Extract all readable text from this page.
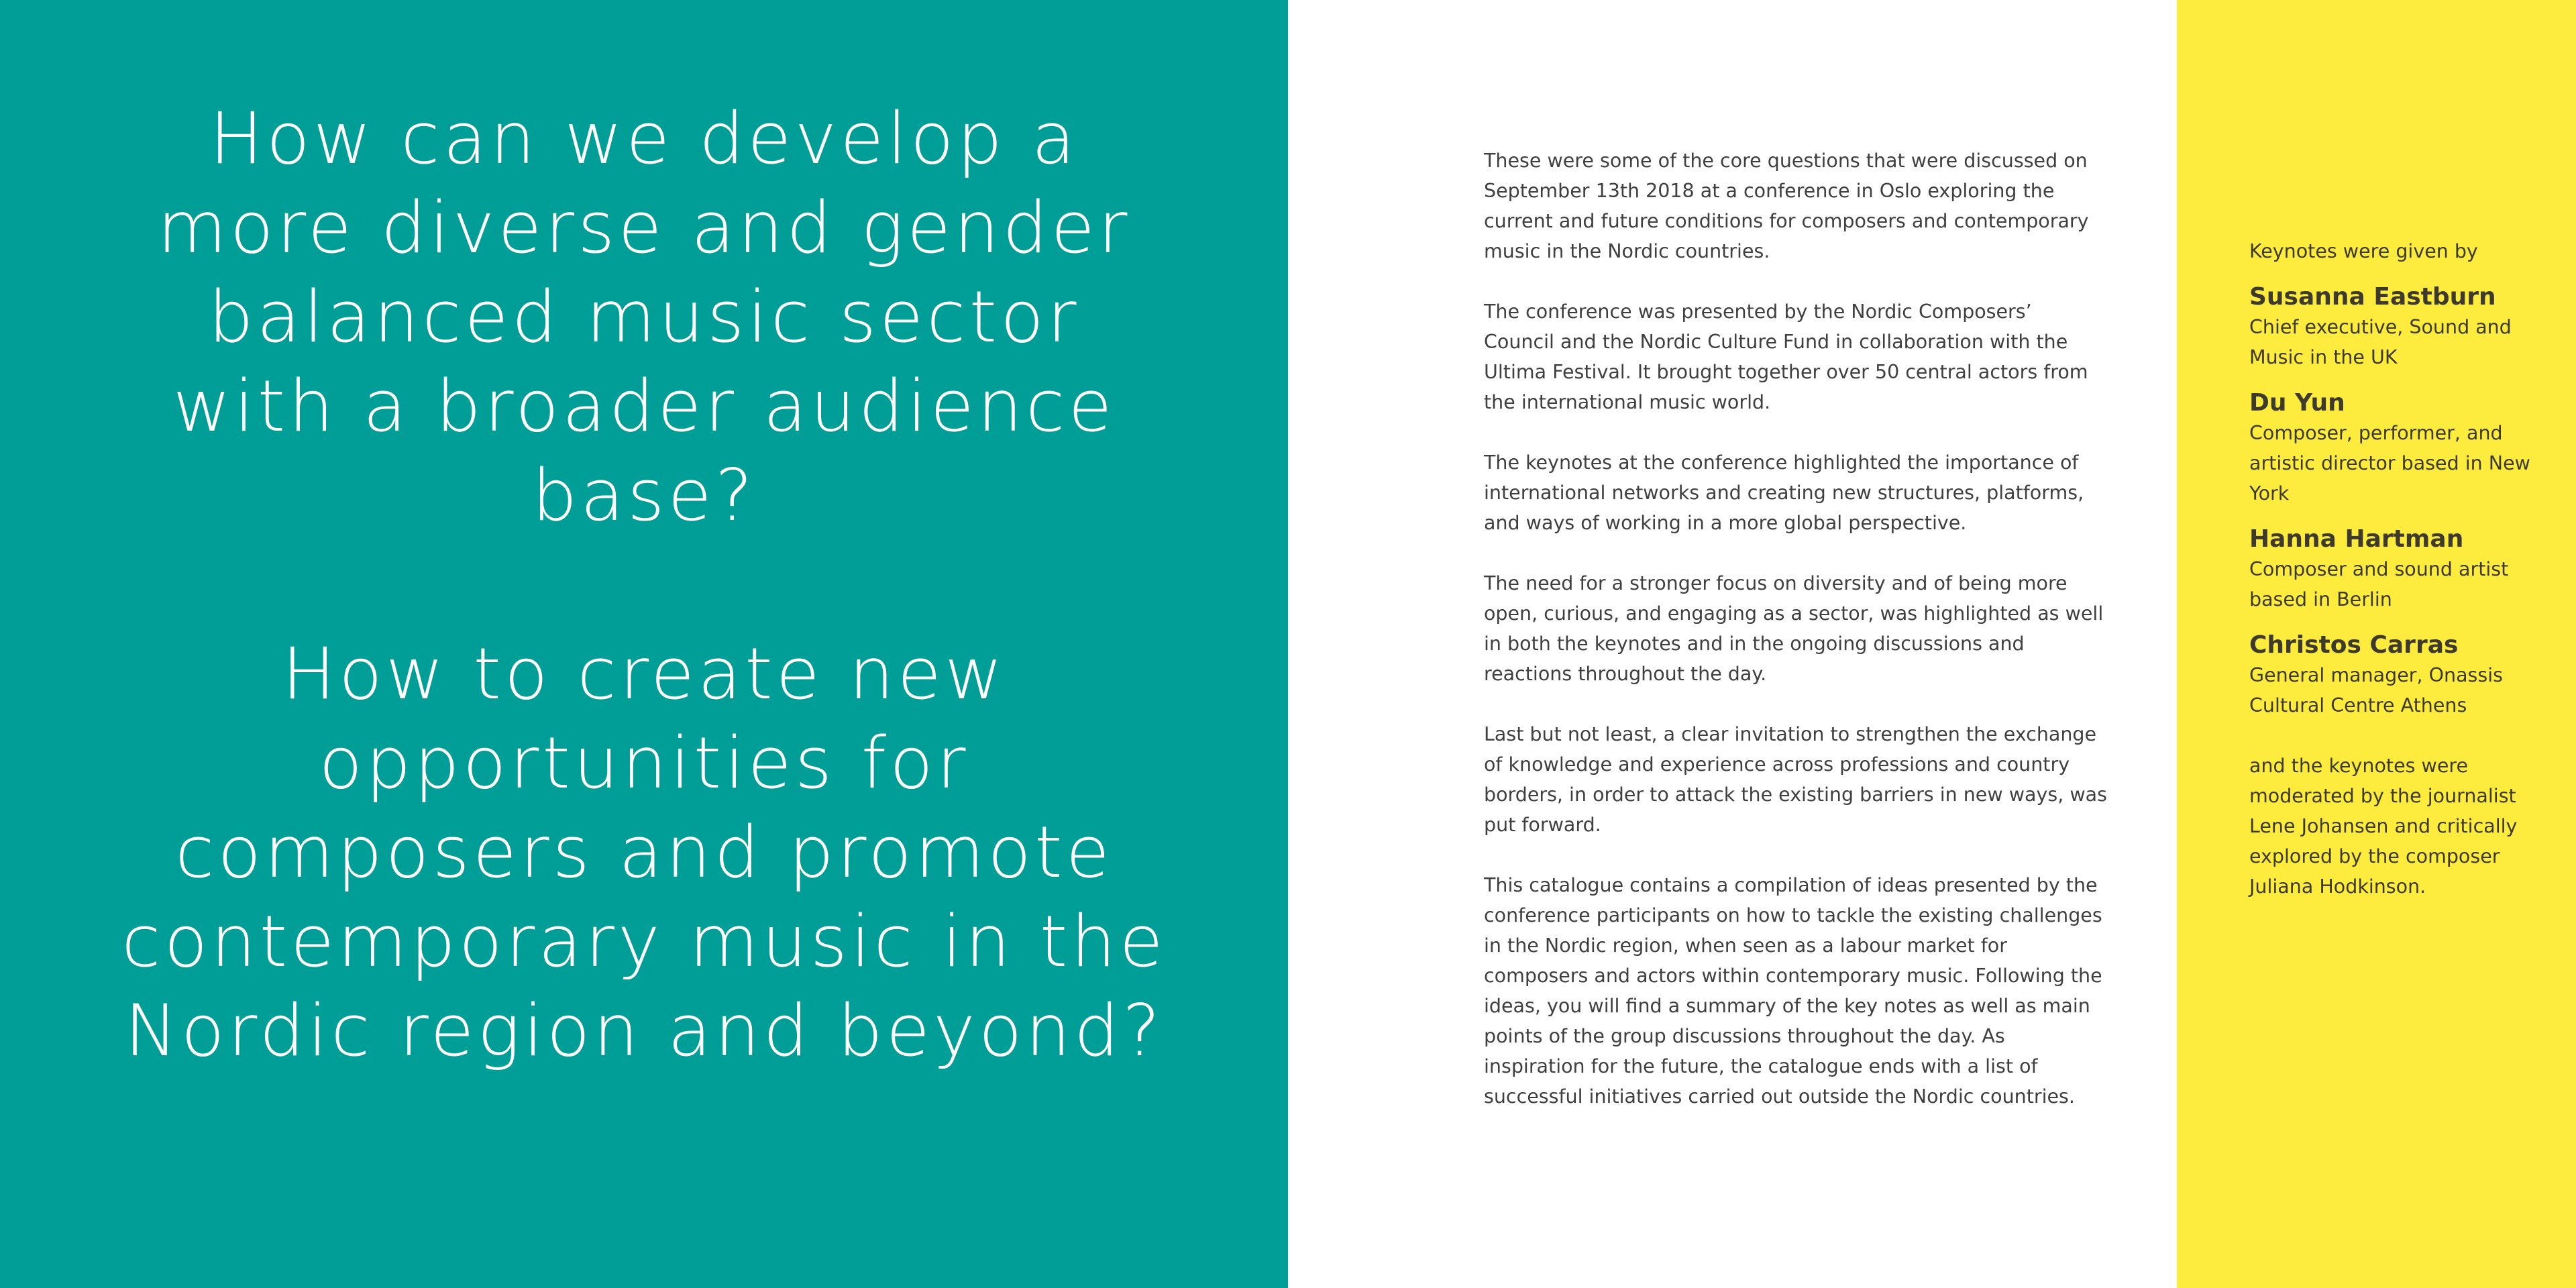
How can we develop a more diverse and gender balanced music sector with a broader audience base?

How to create new opportunities for composers and promote contemporary music in the Nordic region and beyond?

These were some of the core questions that were discussed on September 13th 2018 at a conference in Oslo exploring the current and future conditions for composers and contemporary music in the Nordic countries.

The conference was presented by the Nordic Composers’ Council and the Nordic Culture Fund in collaboration with the Ultima Festival. It brought together over 50 central actors from the international music world.

The keynotes at the conference highlighted the importance of international networks and creating new structures, platforms, and ways of working in a more global perspective.

The need for a stronger focus on diversity and of being more open, curious, and engaging as a sector, was highlighted as well in both the keynotes and in the ongoing discussions and reactions throughout the day.

Last but not least, a clear invitation to strengthen the exchange of knowledge and experience across professions and country borders, in order to attack the existing barriers in new ways, was put forward.

This catalogue contains a compilation of ideas presented by the conference participants on how to tackle the existing challenges in the Nordic region, when seen as a labour market for composers and actors within contemporary music. Following the ideas, you will find a summary of the key notes as well as main points of the group discussions throughout the day. As inspiration for the future, the catalogue ends with a list of successful initiatives carried out outside the Nordic countries.

Keynotes were given by

Susanna Eastburn
Chief executive, Sound and Music in the UK
Du Yun
Composer, performer, and artistic director based in New York
Hanna Hartman
Composer and sound artist based in Berlin
Christos Carras
General manager, Onassis Cultural Centre Athens

and the keynotes were moderated by the journalist Lene Johansen and critically explored by the composer Juliana Hodkinson.
